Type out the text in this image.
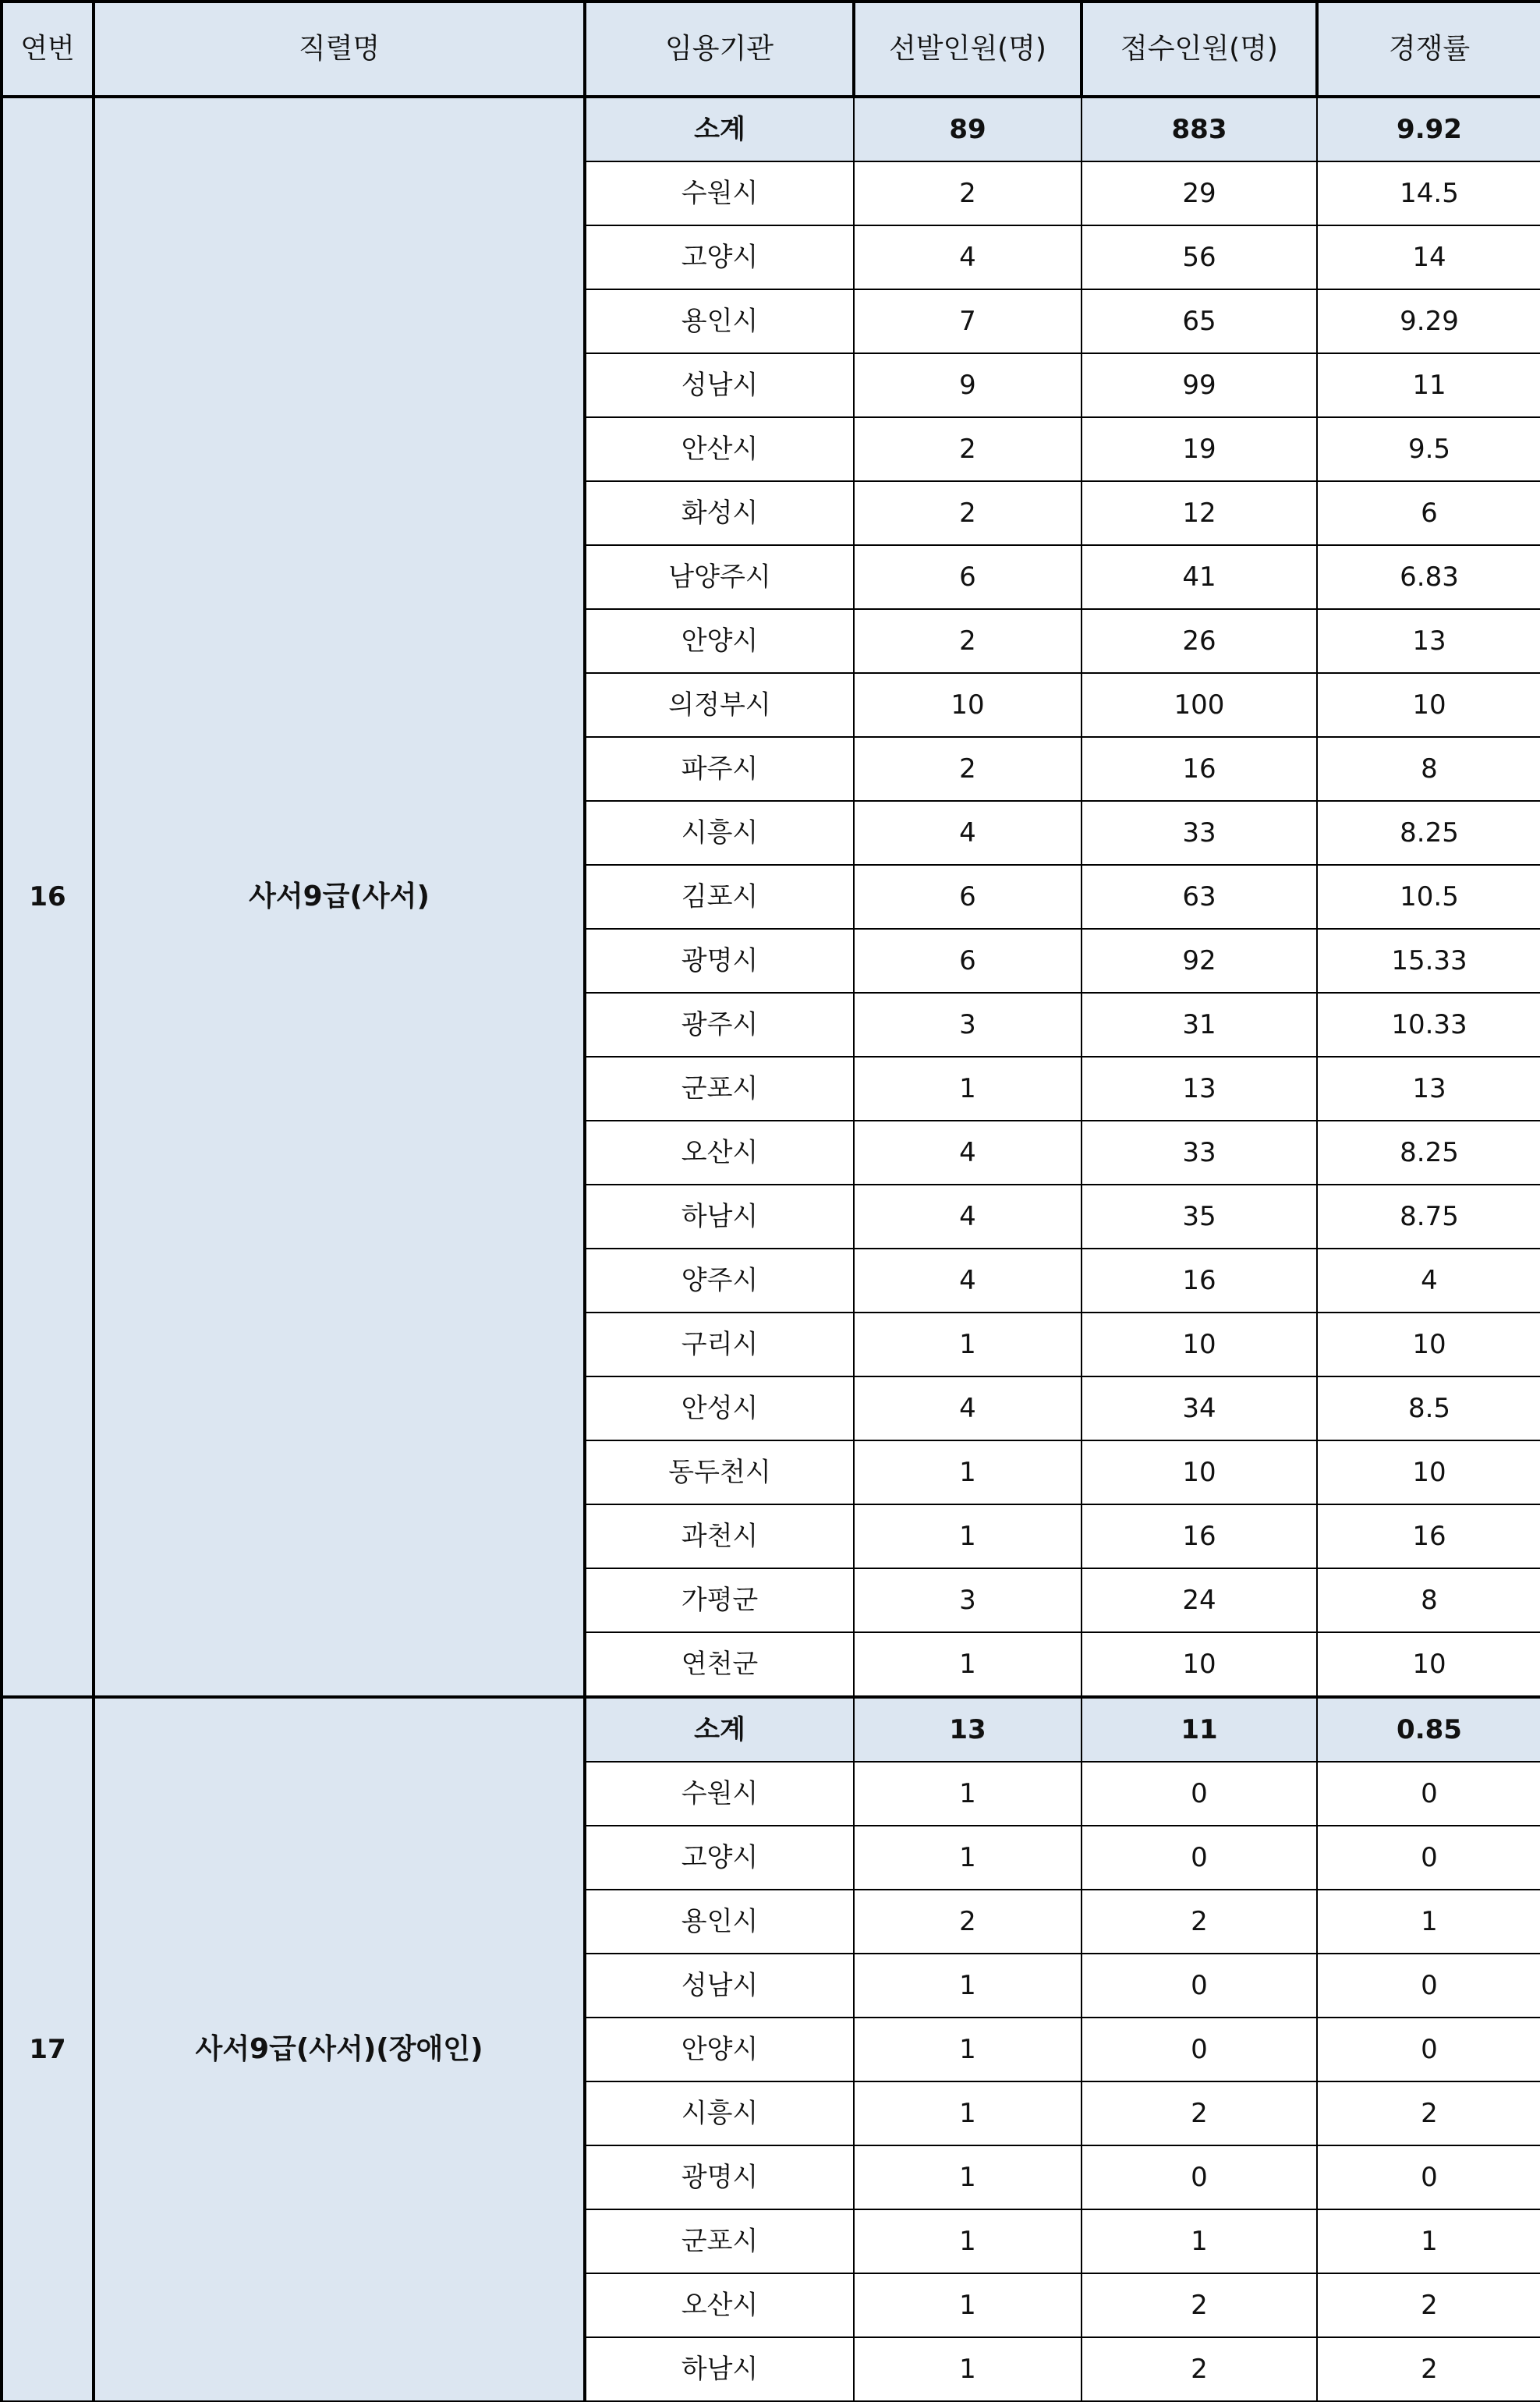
연번	직렬명	임용기관	선발인원(명)	접수인원(명)	경쟁률
16	사서9급(사서)	소계	89	883	9.92
		수원시	2	29	14.5
		고양시	4	56	14
		용인시	7	65	9.29
		성남시	9	99	11
		안산시	2	19	9.5
		화성시	2	12	6
		남양주시	6	41	6.83
		안양시	2	26	13
		의정부시	10	100	10
		파주시	2	16	8
		시흥시	4	33	8.25
		김포시	6	63	10.5
		광명시	6	92	15.33
		광주시	3	31	10.33
		군포시	1	13	13
		오산시	4	33	8.25
		하남시	4	35	8.75
		양주시	4	16	4
		구리시	1	10	10
		안성시	4	34	8.5
		동두천시	1	10	10
		과천시	1	16	16
		가평군	3	24	8
		연천군	1	10	10
17	사서9급(사서)(장애인)	소계	13	11	0.85
		수원시	1	0	0
		고양시	1	0	0
		용인시	2	2	1
		성남시	1	0	0
		안양시	1	0	0
		시흥시	1	2	2
		광명시	1	0	0
		군포시	1	1	1
		오산시	1	2	2
		하남시	1	2	2
